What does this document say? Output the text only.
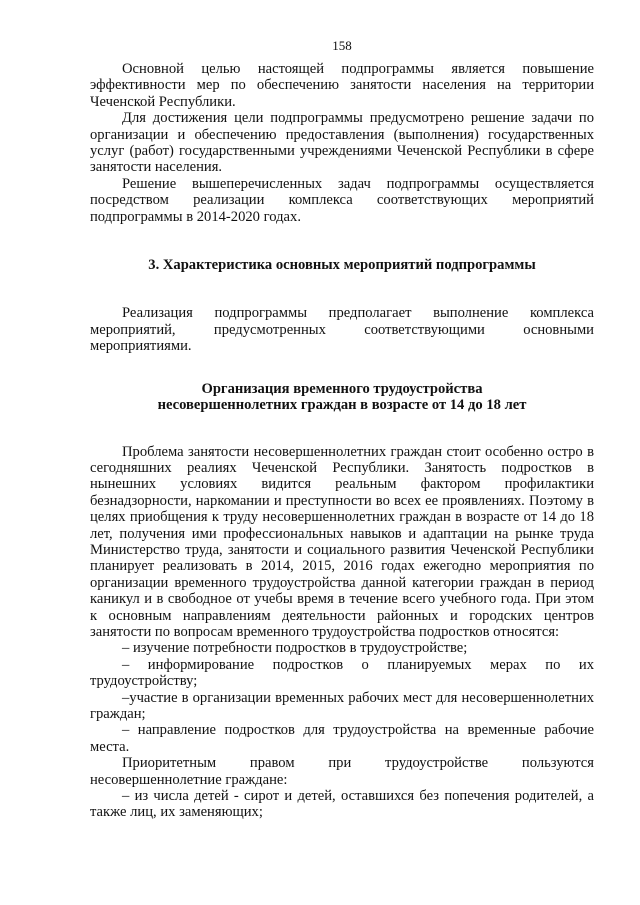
158

Основной целью настоящей подпрограммы является повышение эффективности мер по обеспечению занятости населения на территории Чеченской Республики.

Для достижения цели подпрограммы предусмотрено решение задачи по организации и обеспечению предоставления (выполнения) государственных услуг (работ) государственными учреждениями Чеченской Республики в сфере занятости населения.

Решение вышеперечисленных задач подпрограммы осуществляется посредством реализации комплекса соответствующих мероприятий подпрограммы в 2014-2020 годах.

3. Характеристика основных мероприятий подпрограммы

Реализация подпрограммы предполагает выполнение комплекса мероприятий, предусмотренных соответствующими основными мероприятиями.

Организация временного трудоустройства
несовершеннолетних граждан в возрасте от 14 до 18 лет

Проблема занятости несовершеннолетних граждан стоит особенно остро в сегодняшних реалиях Чеченской Республики. Занятость подростков в нынешних условиях видится реальным фактором профилактики безнадзорности, наркомании и преступности во всех ее проявлениях. Поэтому в целях приобщения к труду несовершеннолетних граждан в возрасте от 14 до 18 лет, получения ими профессиональных навыков и адаптации на рынке труда Министерство труда, занятости и социального развития Чеченской Республики планирует реализовать в 2014, 2015, 2016 годах ежегодно мероприятия по организации временного трудоустройства данной категории граждан в период каникул и в свободное от учебы время в течение всего учебного года. При этом к основным направлениям деятельности районных и городских центров занятости по вопросам временного трудоустройства подростков относятся:

– изучение потребности подростков в трудоустройстве;

– информирование подростков о планируемых мерах по их трудоустройству;

–участие в организации временных рабочих мест для несовершеннолетних граждан;

– направление подростков для трудоустройства на временные рабочие места.

Приоритетным правом при трудоустройстве пользуются несовершеннолетние граждане:

– из числа детей - сирот и детей, оставшихся без попечения родителей, а также лиц, их заменяющих;
